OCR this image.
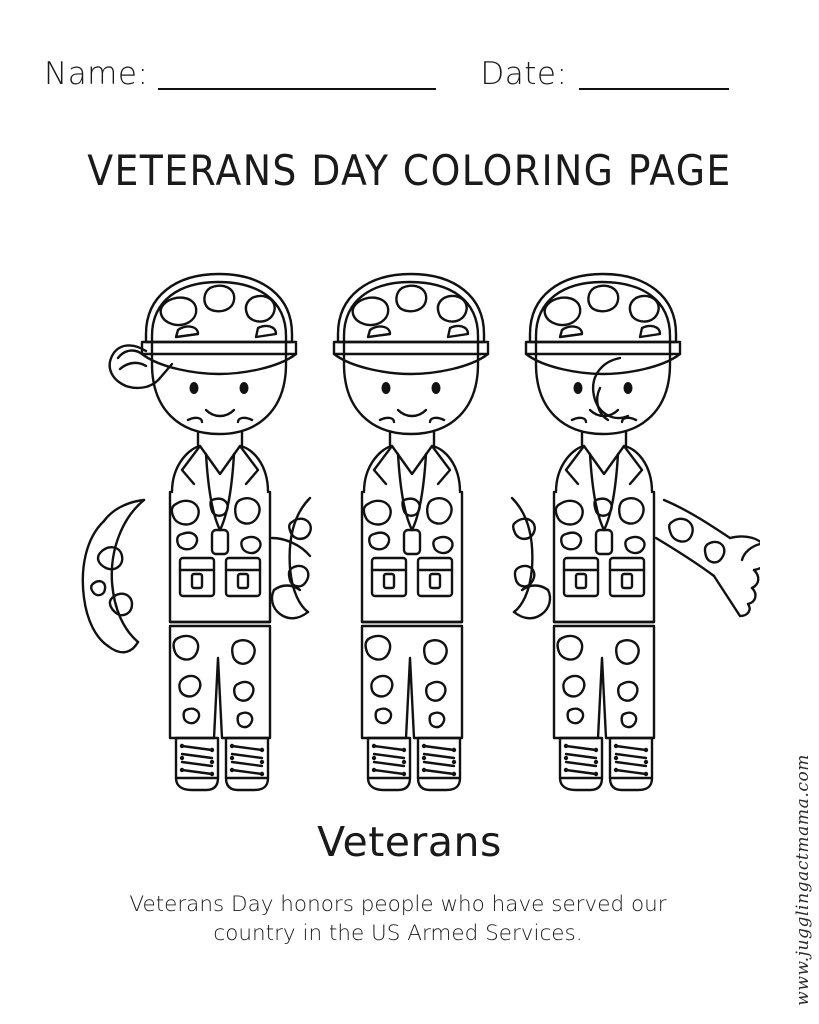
Name:	Date:
VETERANS DAY COLORING PAGE
Veterans
Veterans Day honors people who have served our country in the US Armed Services.	www.jugglingactmama.com
